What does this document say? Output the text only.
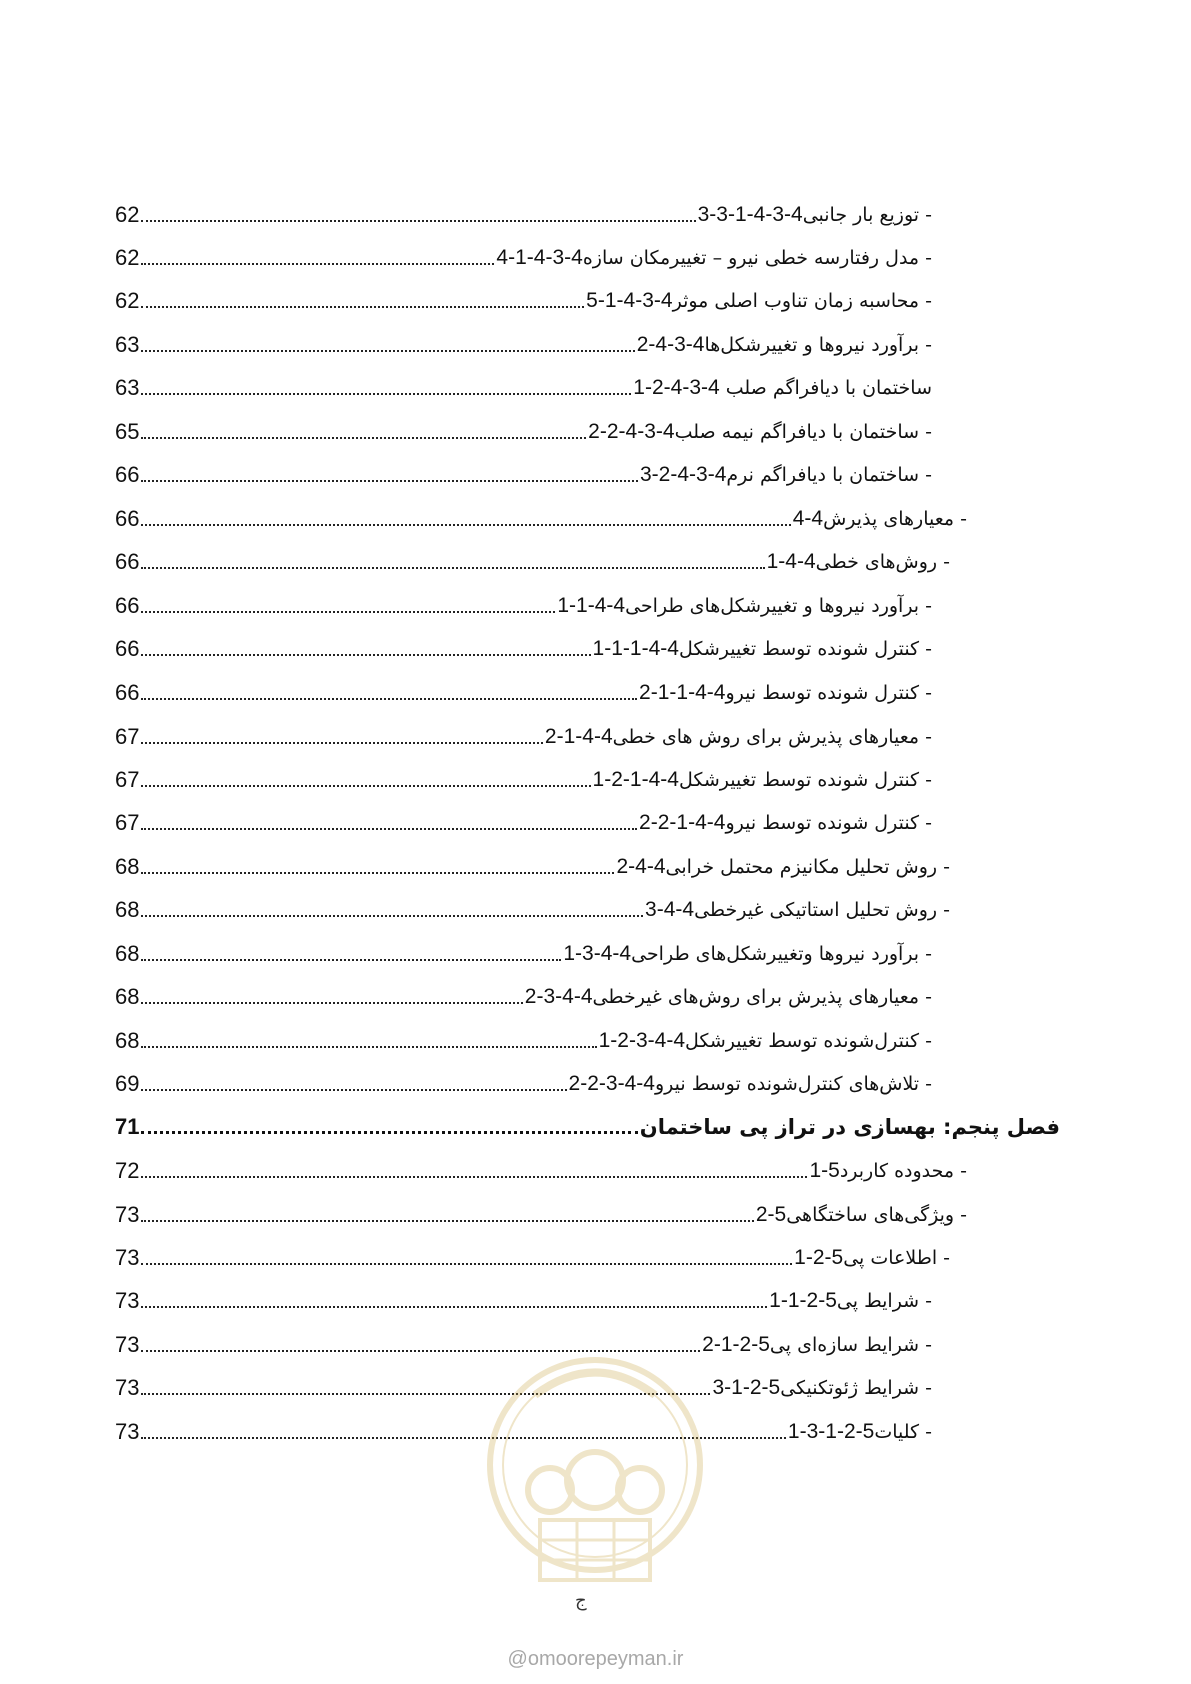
62	- توزیع بار جانبی4-3-4-1-3-3
62	- مدل رفتارسه خطی نیرو – تغییرمکان سازه4-3-4-1-4
62	- محاسبه زمان تناوب اصلی موثر4-3-4-1-5
63	- برآورد نیروها و تغییرشکل‌ها4-3-4-2
63	ساختمان با دیافراگم صلب 4-3-4-2-1
65	- ساختمان با دیافراگم نیمه صلب4-3-4-2-2
66	- ساختمان با دیافراگم نرم4-3-4-2-3
66	- معیارهای پذیرش4-4
66	- روش‌های خطی4-4-1
66	- برآورد نیروها و تغییرشکل‌های طراحی4-4-1-1
66	- کنترل شونده توسط تغییرشکل4-4-1-1-1
66	- کنترل شونده توسط نیرو4-4-1-1-2
67	- معیارهای پذیرش برای روش های خطی4-4-1-2
67	- کنترل شونده توسط تغییرشکل4-4-1-2-1
67	- کنترل شونده توسط نیرو4-4-1-2-2
68	- روش تحلیل مکانیزم محتمل خرابی4-4-2
68	- روش تحلیل استاتیکی غیرخطی4-4-3
68	- برآورد نیروها وتغییرشکل‌های طراحی4-4-3-1
68	- معیارهای پذیرش برای روش‌های غیرخطی4-4-3-2
68	- کنترل‌شونده توسط تغییرشکل4-4-3-2-1
69	- تلاش‌های کنترل‌شونده توسط نیرو4-4-3-2-2
71	فصل پنجم: بهسازی در تراز پی ساختمان
72	- محدوده کاربرد5-1
73	- ویژگی‌های ساختگاهی5-2
73	- اطلاعات پی5-2-1
73	- شرایط پی5-2-1-1
73	- شرایط سازه‌ای پی5-2-1-2
73	- شرایط ژئوتکنیکی5-2-1-3
73	- کلیات5-2-1-3-1
ج
@omoorepeyman.ir
